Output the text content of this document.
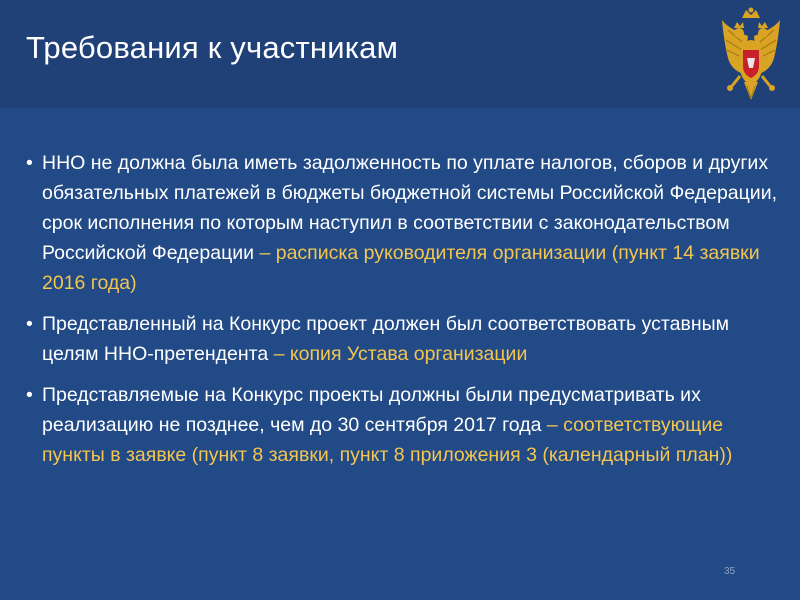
Требования к участникам
• ННО не должна была иметь задолженность по уплате налогов, сборов и других обязательных платежей в бюджеты бюджетной системы Российской Федерации, срок исполнения по которым наступил в соответствии с законодательством Российской Федерации – расписка руководителя организации (пункт 14 заявки 2016 года)
• Представленный на Конкурс проект должен был соответствовать уставным целям ННО-претендента – копия Устава организации
• Представляемые на Конкурс проекты должны были предусматривать их реализацию не позднее, чем до 30 сентября 2017 года – соответствующие пункты в заявке (пункт 8 заявки, пункт 8 приложения 3 (календарный план))
35
